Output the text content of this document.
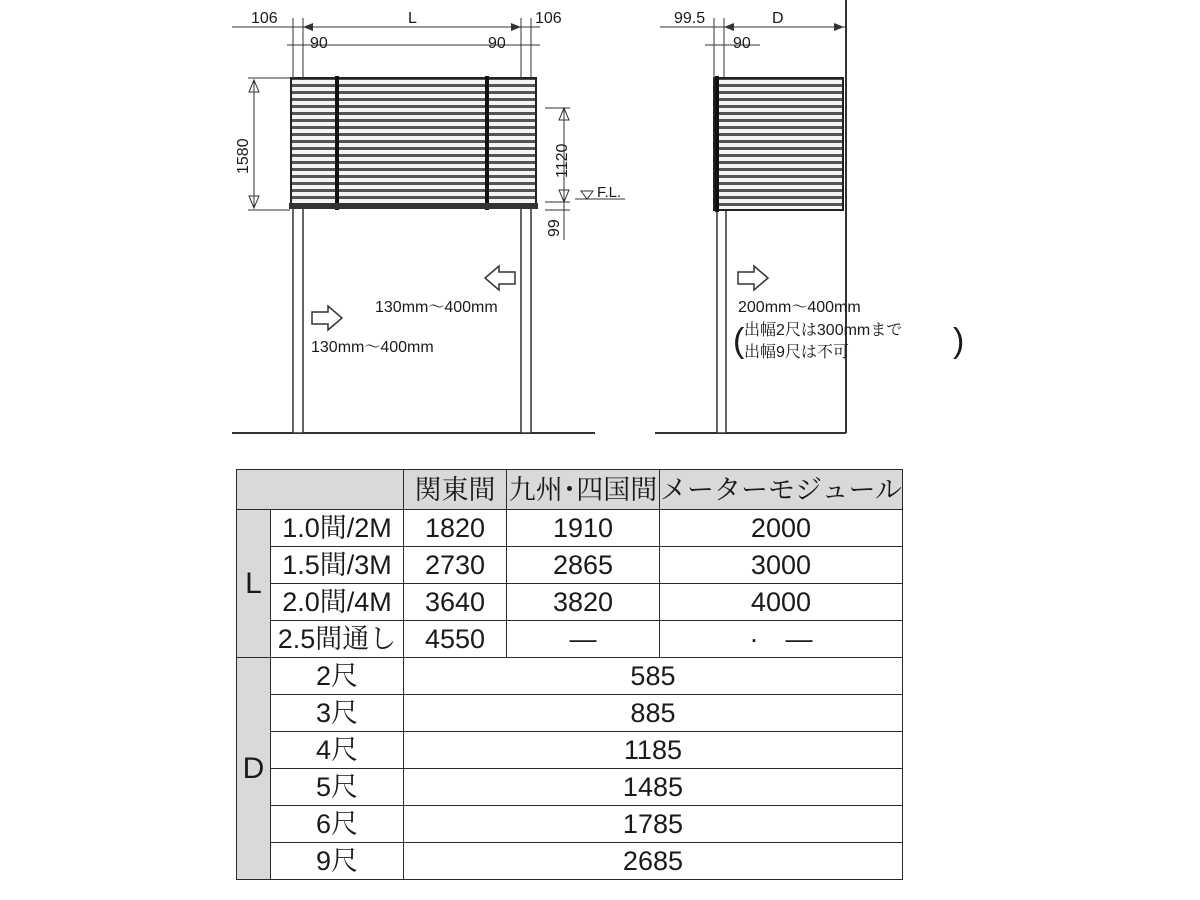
106	L	106
90	90
1580	1120
99
F.L.
130mm〜400mm
130mm〜400mm
99.5	D
90
200mm〜400mm
( 出幅2尺は300mmまで
出幅9尺は不可	)
		関東間	九州･四国間	メーターモジュール
L	1.0間/2M	1820	1910	2000
	1.5間/3M	2730	2865	3000
	2.0間/4M	3640	3820	4000
	2.5間通し	4550	—	·　—
D	2尺	585		
	3尺	885		
	4尺	1185		
	5尺	1485		
	6尺	1785		
	9尺	2685		
